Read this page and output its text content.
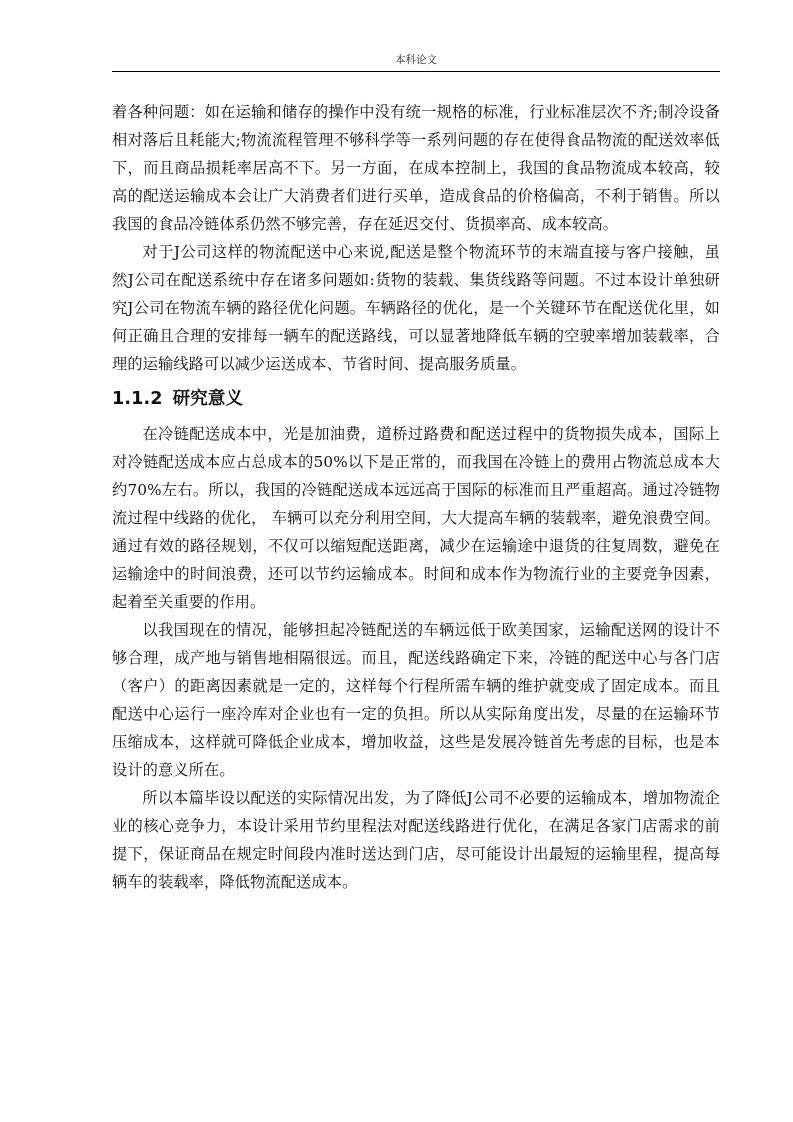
本科论文

着各种问题：如在运输和储存的操作中没有统一规格的标准，行业标准层次不齐;制冷设备相对落后且耗能大;物流流程管理不够科学等一系列问题的存在使得食品物流的配送效率低下，而且商品损耗率居高不下。另一方面，在成本控制上，我国的食品物流成本较高，较高的配送运输成本会让广大消费者们进行买单，造成食品的价格偏高，不利于销售。所以我国的食品冷链体系仍然不够完善，存在延迟交付、货损率高、成本较高。

对于J公司这样的物流配送中心来说,配送是整个物流环节的末端直接与客户接触，虽然J公司在配送系统中存在诸多问题如:货物的装载、集货线路等问题。不过本设计单独研究J公司在物流车辆的路径优化问题。车辆路径的优化，是一个关键环节在配送优化里，如何正确且合理的安排每一辆车的配送路线，可以显著地降低车辆的空驶率增加装载率，合理的运输线路可以减少运送成本、节省时间、提高服务质量。

1.1.2 研究意义

在冷链配送成本中，光是加油费，道桥过路费和配送过程中的货物损失成本，国际上对冷链配送成本应占总成本的50%以下是正常的，而我国在冷链上的费用占物流总成本大约70%左右。所以，我国的冷链配送成本远远高于国际的标准而且严重超高。通过冷链物流过程中线路的优化， 车辆可以充分利用空间，大大提高车辆的装载率，避免浪费空间。通过有效的路径规划，不仅可以缩短配送距离，减少在运输途中退货的往复周数，避免在运输途中的时间浪费，还可以节约运输成本。时间和成本作为物流行业的主要竞争因素，起着至关重要的作用。

以我国现在的情况，能够担起冷链配送的车辆远低于欧美国家，运输配送网的设计不够合理，成产地与销售地相隔很远。而且，配送线路确定下来，冷链的配送中心与各门店（客户）的距离因素就是一定的，这样每个行程所需车辆的维护就变成了固定成本。而且配送中心运行一座冷库对企业也有一定的负担。所以从实际角度出发，尽量的在运输环节压缩成本，这样就可降低企业成本，增加收益，这些是发展冷链首先考虑的目标，也是本设计的意义所在。

所以本篇毕设以配送的实际情况出发，为了降低J公司不必要的运输成本，增加物流企业的核心竞争力，本设计采用节约里程法对配送线路进行优化，在满足各家门店需求的前提下，保证商品在规定时间段内准时送达到门店，尽可能设计出最短的运输里程，提高每辆车的装载率，降低物流配送成本。
